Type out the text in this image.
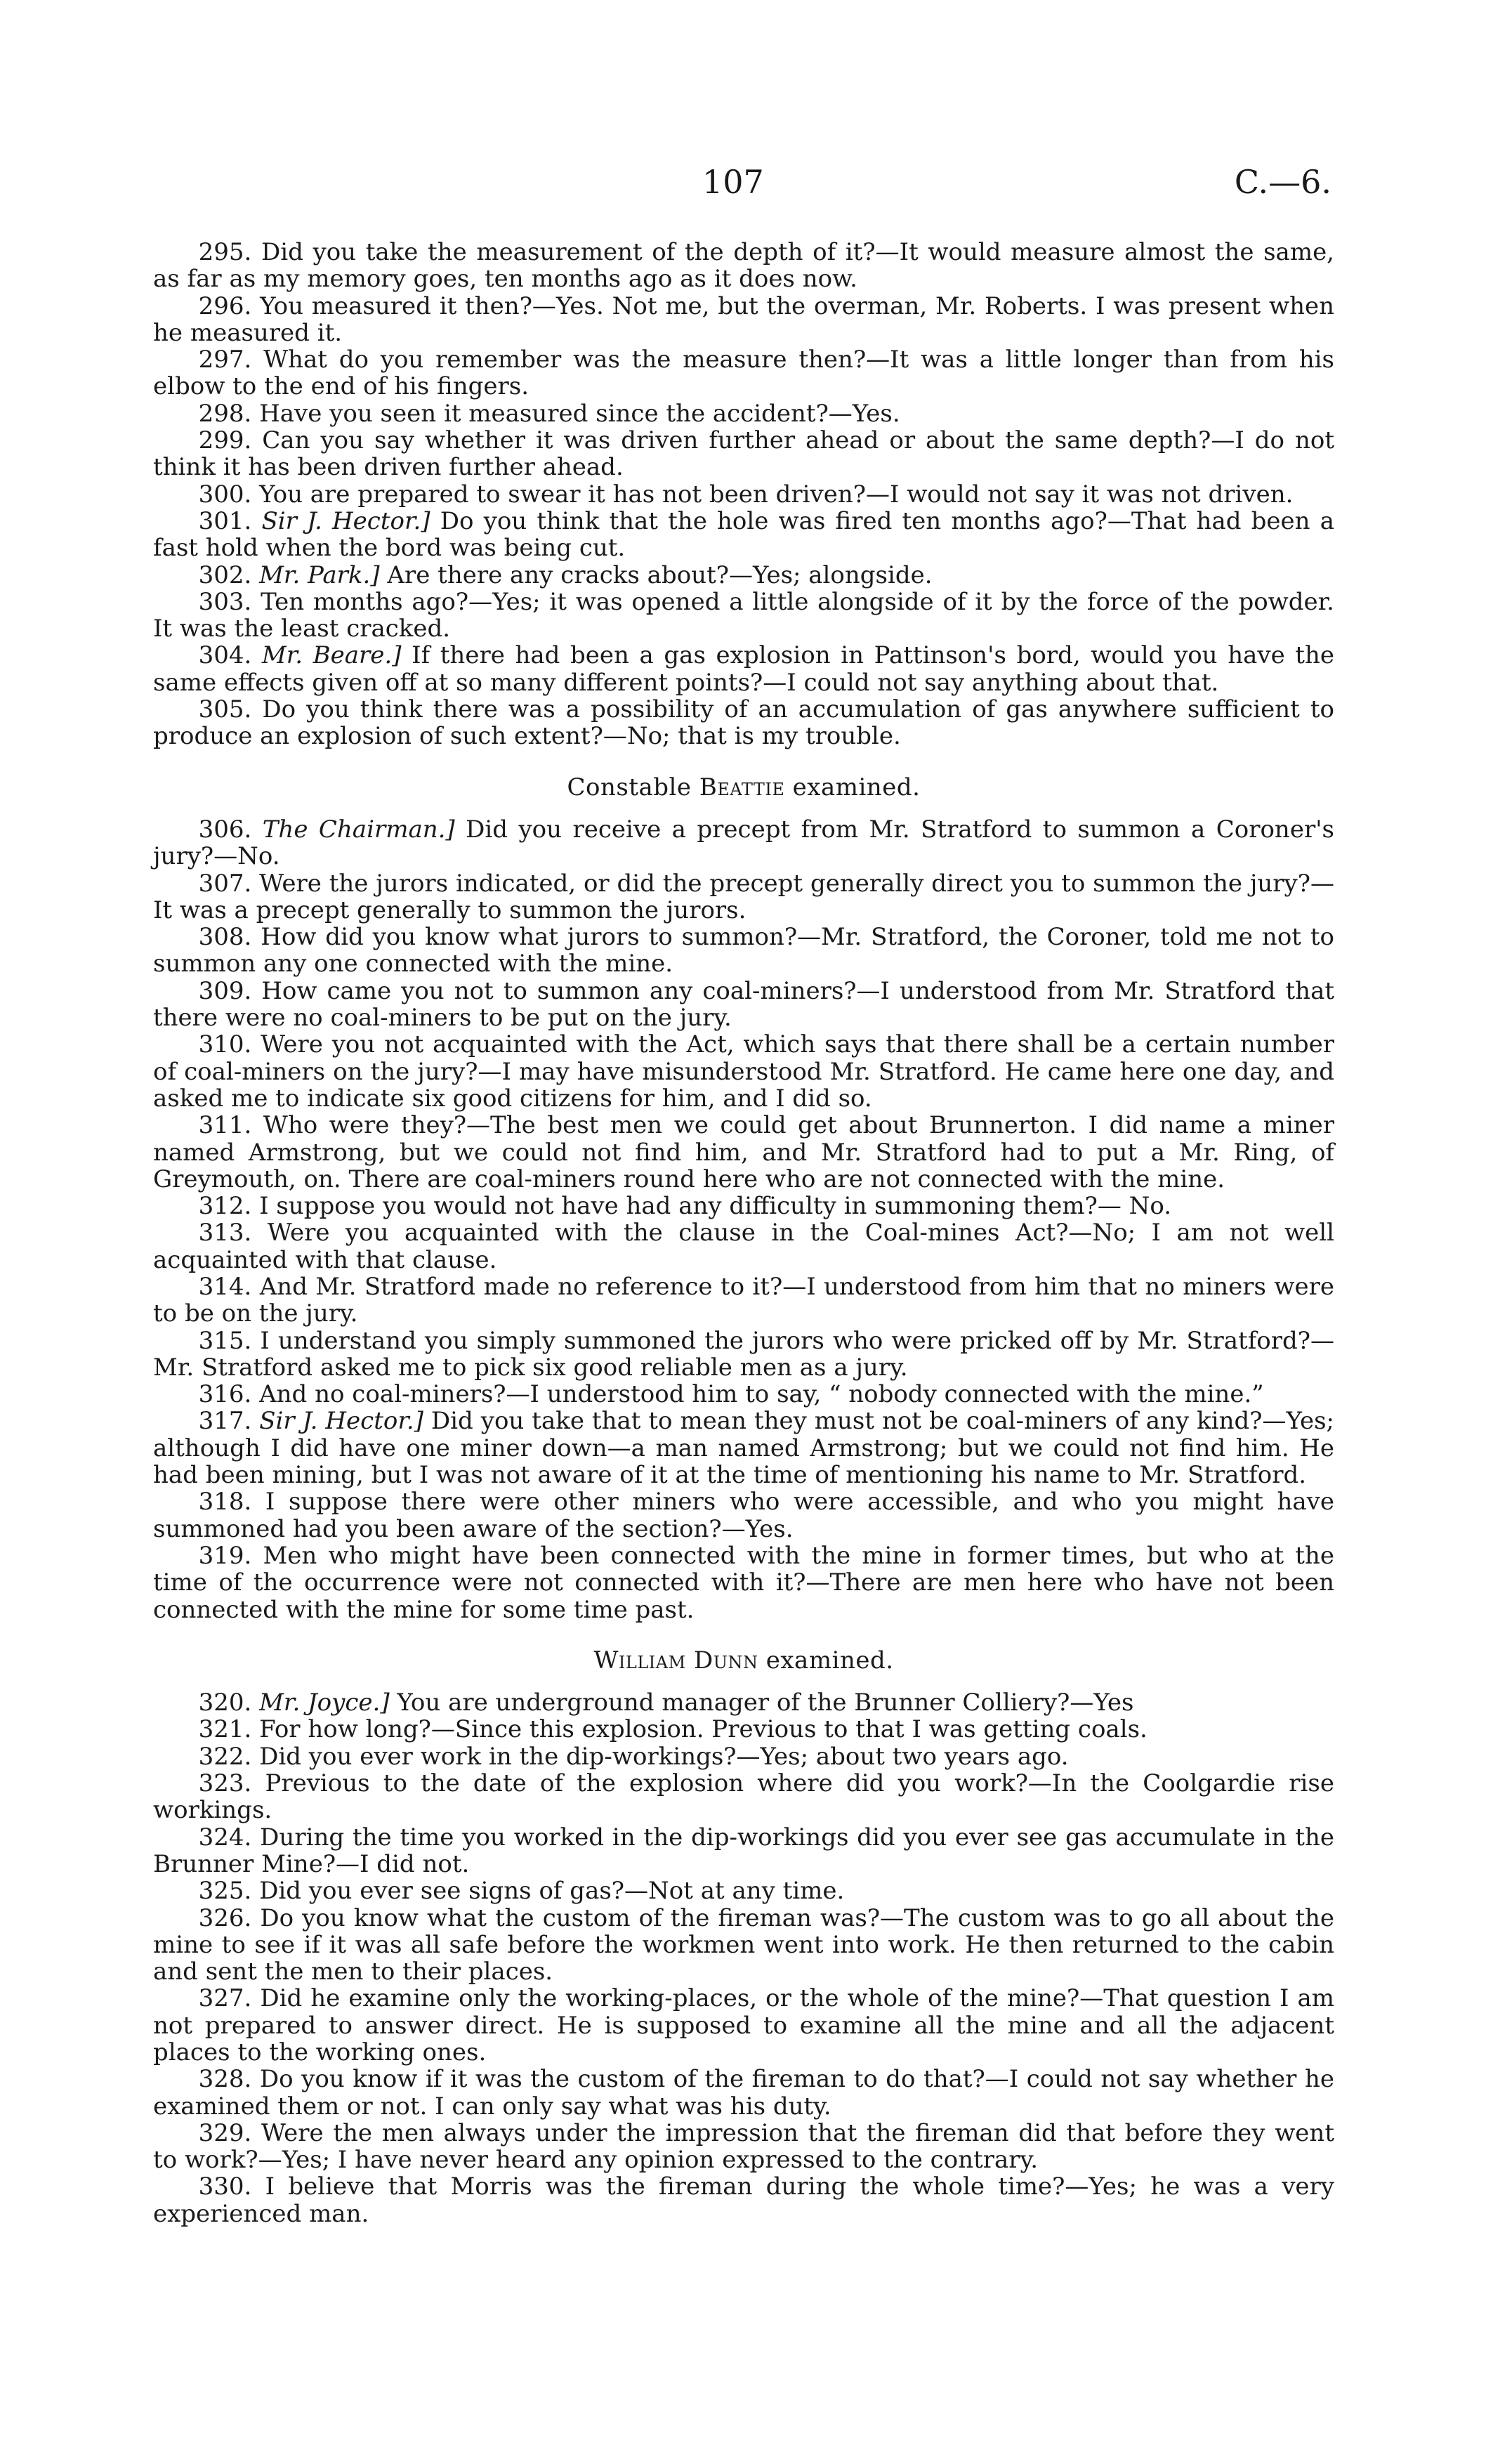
107	C.—6.

295. Did you take the measurement of the depth of it?—It would measure almost the same, as far as my memory goes, ten months ago as it does now.

296. You measured it then?—Yes. Not me, but the overman, Mr. Roberts. I was present when he measured it.

297. What do you remember was the measure then?—It was a little longer than from his elbow to the end of his fingers.

298. Have you seen it measured since the accident?—Yes.

299. Can you say whether it was driven further ahead or about the same depth?—I do not think it has been driven further ahead.

300. You are prepared to swear it has not been driven?—I would not say it was not driven.

301. Sir J. Hector.] Do you think that the hole was fired ten months ago?—That had been a fast hold when the bord was being cut.

302. Mr. Park.] Are there any cracks about?—Yes; alongside.

303. Ten months ago?—Yes; it was opened a little alongside of it by the force of the powder. It was the least cracked.

304. Mr. Beare.] If there had been a gas explosion in Pattinson's bord, would you have the same effects given off at so many different points?—I could not say anything about that.

305. Do you think there was a possibility of an accumulation of gas anywhere sufficient to produce an explosion of such extent?—No; that is my trouble.

Constable Beattie examined.

306. The Chairman.] Did you receive a precept from Mr. Stratford to summon a Coroner's jury?—No.

307. Were the jurors indicated, or did the precept generally direct you to summon the jury?—It was a precept generally to summon the jurors.

308. How did you know what jurors to summon?—Mr. Stratford, the Coroner, told me not to summon any one connected with the mine.

309. How came you not to summon any coal-miners?—I understood from Mr. Stratford that there were no coal-miners to be put on the jury.

310. Were you not acquainted with the Act, which says that there shall be a certain number of coal-miners on the jury?—I may have misunderstood Mr. Stratford. He came here one day, and asked me to indicate six good citizens for him, and I did so.

311. Who were they?—The best men we could get about Brunnerton. I did name a miner named Armstrong, but we could not find him, and Mr. Stratford had to put a Mr. Ring, of Greymouth, on. There are coal-miners round here who are not connected with the mine.

312. I suppose you would not have had any difficulty in summoning them?— No.

313. Were you acquainted with the clause in the Coal-mines Act?—No; I am not well acquainted with that clause.

314. And Mr. Stratford made no reference to it?—I understood from him that no miners were to be on the jury.

315. I understand you simply summoned the jurors who were pricked off by Mr. Stratford?—Mr. Stratford asked me to pick six good reliable men as a jury.

316. And no coal-miners?—I understood him to say, “ nobody connected with the mine.”

317. Sir J. Hector.] Did you take that to mean they must not be coal-miners of any kind?—Yes; although I did have one miner down—a man named Armstrong; but we could not find him. He had been mining, but I was not aware of it at the time of mentioning his name to Mr. Stratford.

318. I suppose there were other miners who were accessible, and who you might have summoned had you been aware of the section?—Yes.

319. Men who might have been connected with the mine in former times, but who at the time of the occurrence were not connected with it?—There are men here who have not been connected with the mine for some time past.

William Dunn examined.

320. Mr. Joyce.] You are underground manager of the Brunner Colliery?—Yes

321. For how long?—Since this explosion. Previous to that I was getting coals.

322. Did you ever work in the dip-workings?—Yes; about two years ago.

323. Previous to the date of the explosion where did you work?—In the Coolgardie rise workings.

324. During the time you worked in the dip-workings did you ever see gas accumulate in the Brunner Mine?—I did not.

325. Did you ever see signs of gas?—Not at any time.

326. Do you know what the custom of the fireman was?—The custom was to go all about the mine to see if it was all safe before the workmen went into work. He then returned to the cabin and sent the men to their places.

327. Did he examine only the working-places, or the whole of the mine?—That question I am not prepared to answer direct. He is supposed to examine all the mine and all the adjacent places to the working ones.

328. Do you know if it was the custom of the fireman to do that?—I could not say whether he examined them or not. I can only say what was his duty.

329. Were the men always under the impression that the fireman did that before they went to work?—Yes; I have never heard any opinion expressed to the contrary.

330. I believe that Morris was the fireman during the whole time?—Yes; he was a very experienced man.
